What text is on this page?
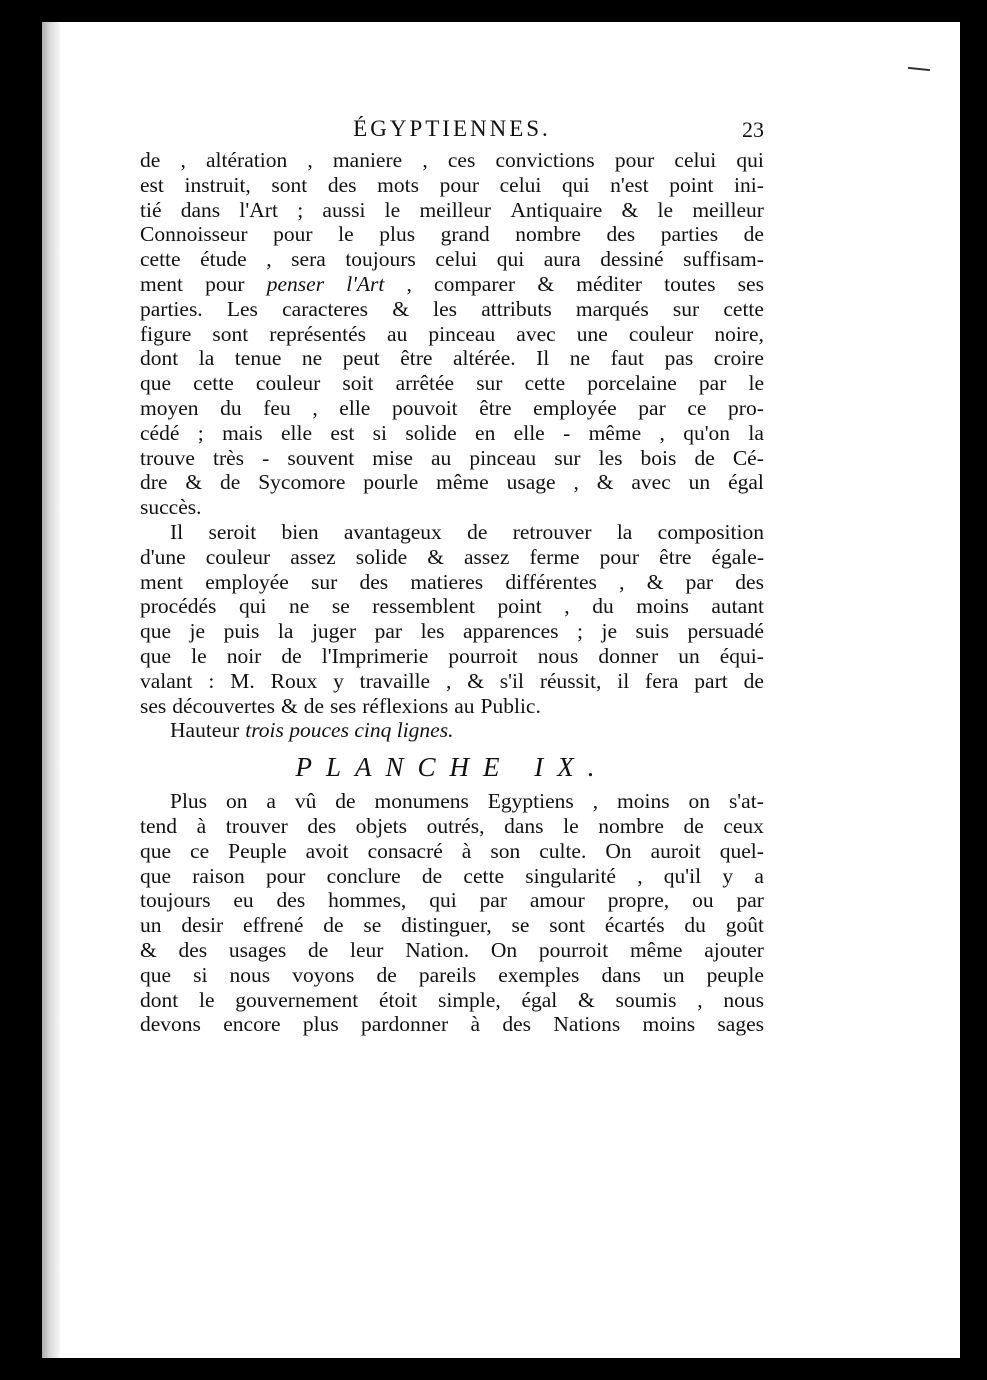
ÉGYPTIENNES.	23
de , altération , maniere , ces convictions pour celui qui
est instruit, sont des mots pour celui qui n'est point ini-
tié dans l'Art ; aussi le meilleur Antiquaire & le meilleur
Connoisseur pour le plus grand nombre des parties de
cette étude , sera toujours celui qui aura dessiné suffisam-
ment pour penser l'Art , comparer & méditer toutes ses
parties. Les caracteres & les attributs marqués sur cette
figure sont représentés au pinceau avec une couleur noire,
dont la tenue ne peut être altérée. Il ne faut pas croire
que cette couleur soit arrêtée sur cette porcelaine par le
moyen du feu , elle pouvoit être employée par ce pro-
cédé ; mais elle est si solide en elle - même , qu'on la
trouve très - souvent mise au pinceau sur les bois de Cé-
dre & de Sycomore pourle même usage , & avec un égal
succès.
Il seroit bien avantageux de retrouver la composition
d'une couleur assez solide & assez ferme pour être égale-
ment employée sur des matieres différentes , & par des
procédés qui ne se ressemblent point , du moins autant
que je puis la juger par les apparences ; je suis persuadé
que le noir de l'Imprimerie pourroit nous donner un équi-
valant : M. Roux y travaille , & s'il réussit, il fera part de
ses découvertes & de ses réflexions au Public.
Hauteur trois pouces cinq lignes.
PLANCHE IX.
Plus on a vû de monumens Egyptiens , moins on s'at-
tend à trouver des objets outrés, dans le nombre de ceux
que ce Peuple avoit consacré à son culte. On auroit quel-
que raison pour conclure de cette singularité , qu'il y a
toujours eu des hommes, qui par amour propre, ou par
un desir effrené de se distinguer, se sont écartés du goût
& des usages de leur Nation. On pourroit même ajouter
que si nous voyons de pareils exemples dans un peuple
dont le gouvernement étoit simple, égal & soumis , nous
devons encore plus pardonner à des Nations moins sages
